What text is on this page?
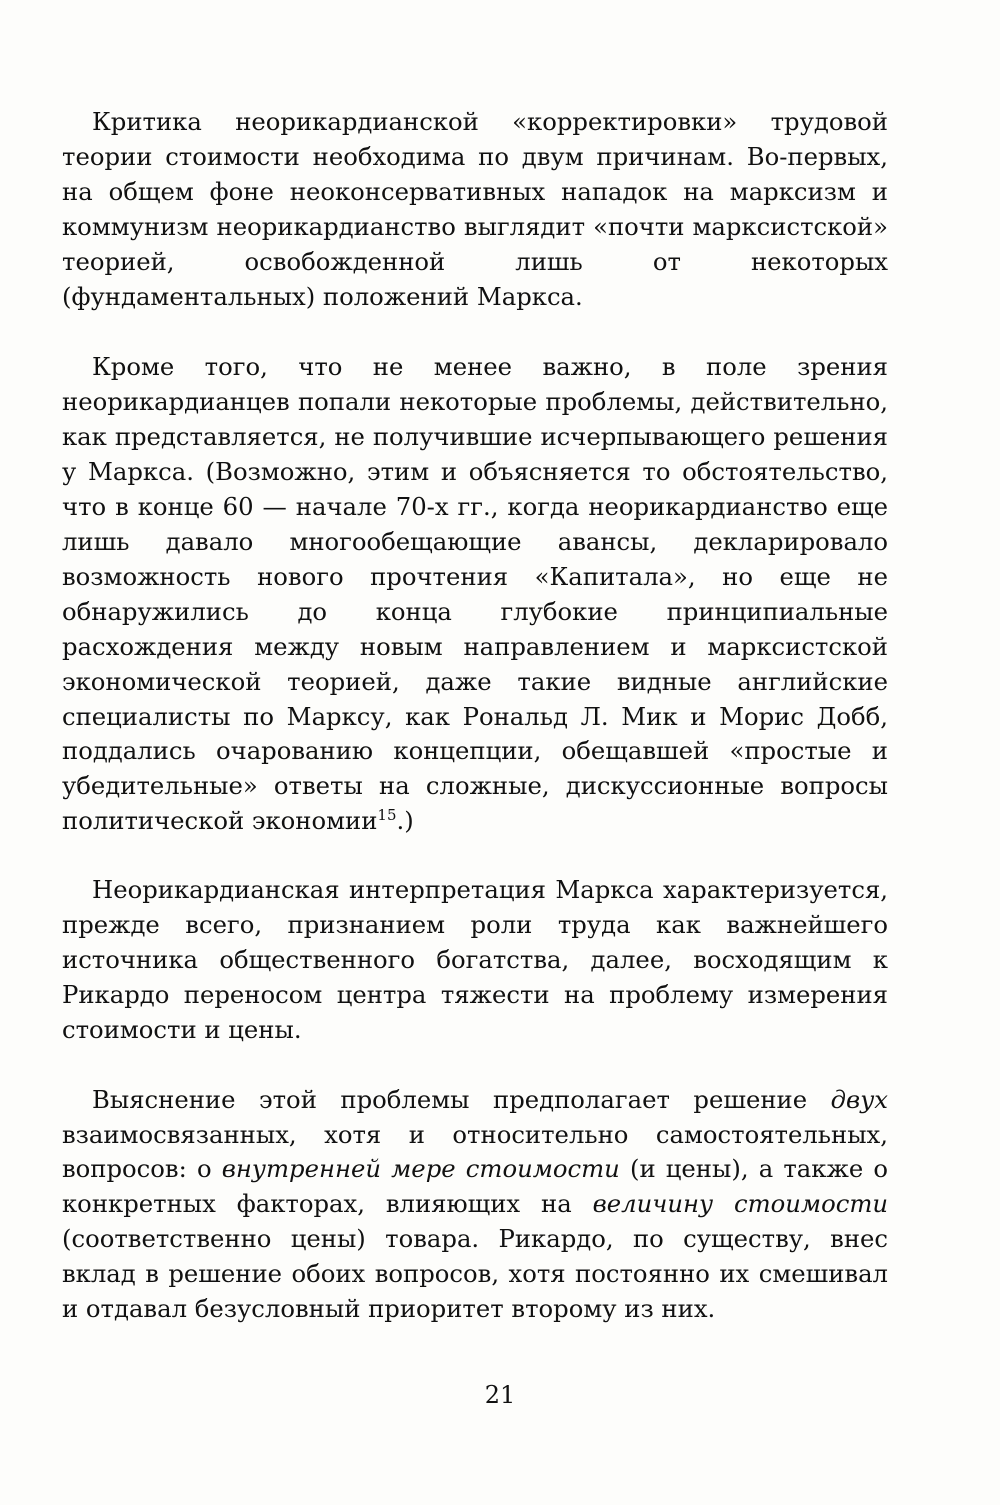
Критика неорикардианской «корректировки» трудовой теории стоимости необходима по двум причинам. Во-первых, на общем фоне неоконсервативных нападок на марксизм и коммунизм неорикардианство выглядит «почти марксистской» теорией, освобожденной лишь от некоторых (фундаментальных) положений Маркса.

Кроме того, что не менее важно, в поле зрения неорикардианцев попали некоторые проблемы, действительно, как представляется, не получившие исчерпывающего решения у Маркса. (Возможно, этим и объясняется то обстоятельство, что в конце 60 — начале 70-х гг., когда неорикардианство еще лишь давало многообещающие авансы, декларировало возможность нового прочтения «Капитала», но еще не обнаружились до конца глубокие принципиальные расхождения между новым направлением и марксистской экономической теорией, даже такие видные английские специалисты по Марксу, как Рональд Л. Мик и Морис Добб, поддались очарованию концепции, обещавшей «простые и убедительные» ответы на сложные, дискуссионные вопросы политической экономии$^{15}$.)

Неорикардианская интерпретация Маркса характеризуется, прежде всего, признанием роли труда как важнейшего источника общественного богатства, далее, восходящим к Рикардо переносом центра тяжести на проблему измерения стоимости и цены.

Выяснение этой проблемы предполагает решение двух взаимосвязанных, хотя и относительно самостоятельных, вопросов: о внутренней мере стоимости (и цены), а также о конкретных факторах, влияющих на величину стоимости (соответственно цены) товара. Рикардо, по существу, внес вклад в решение обоих вопросов, хотя постоянно их смешивал и отдавал безусловный приоритет второму из них.

21
